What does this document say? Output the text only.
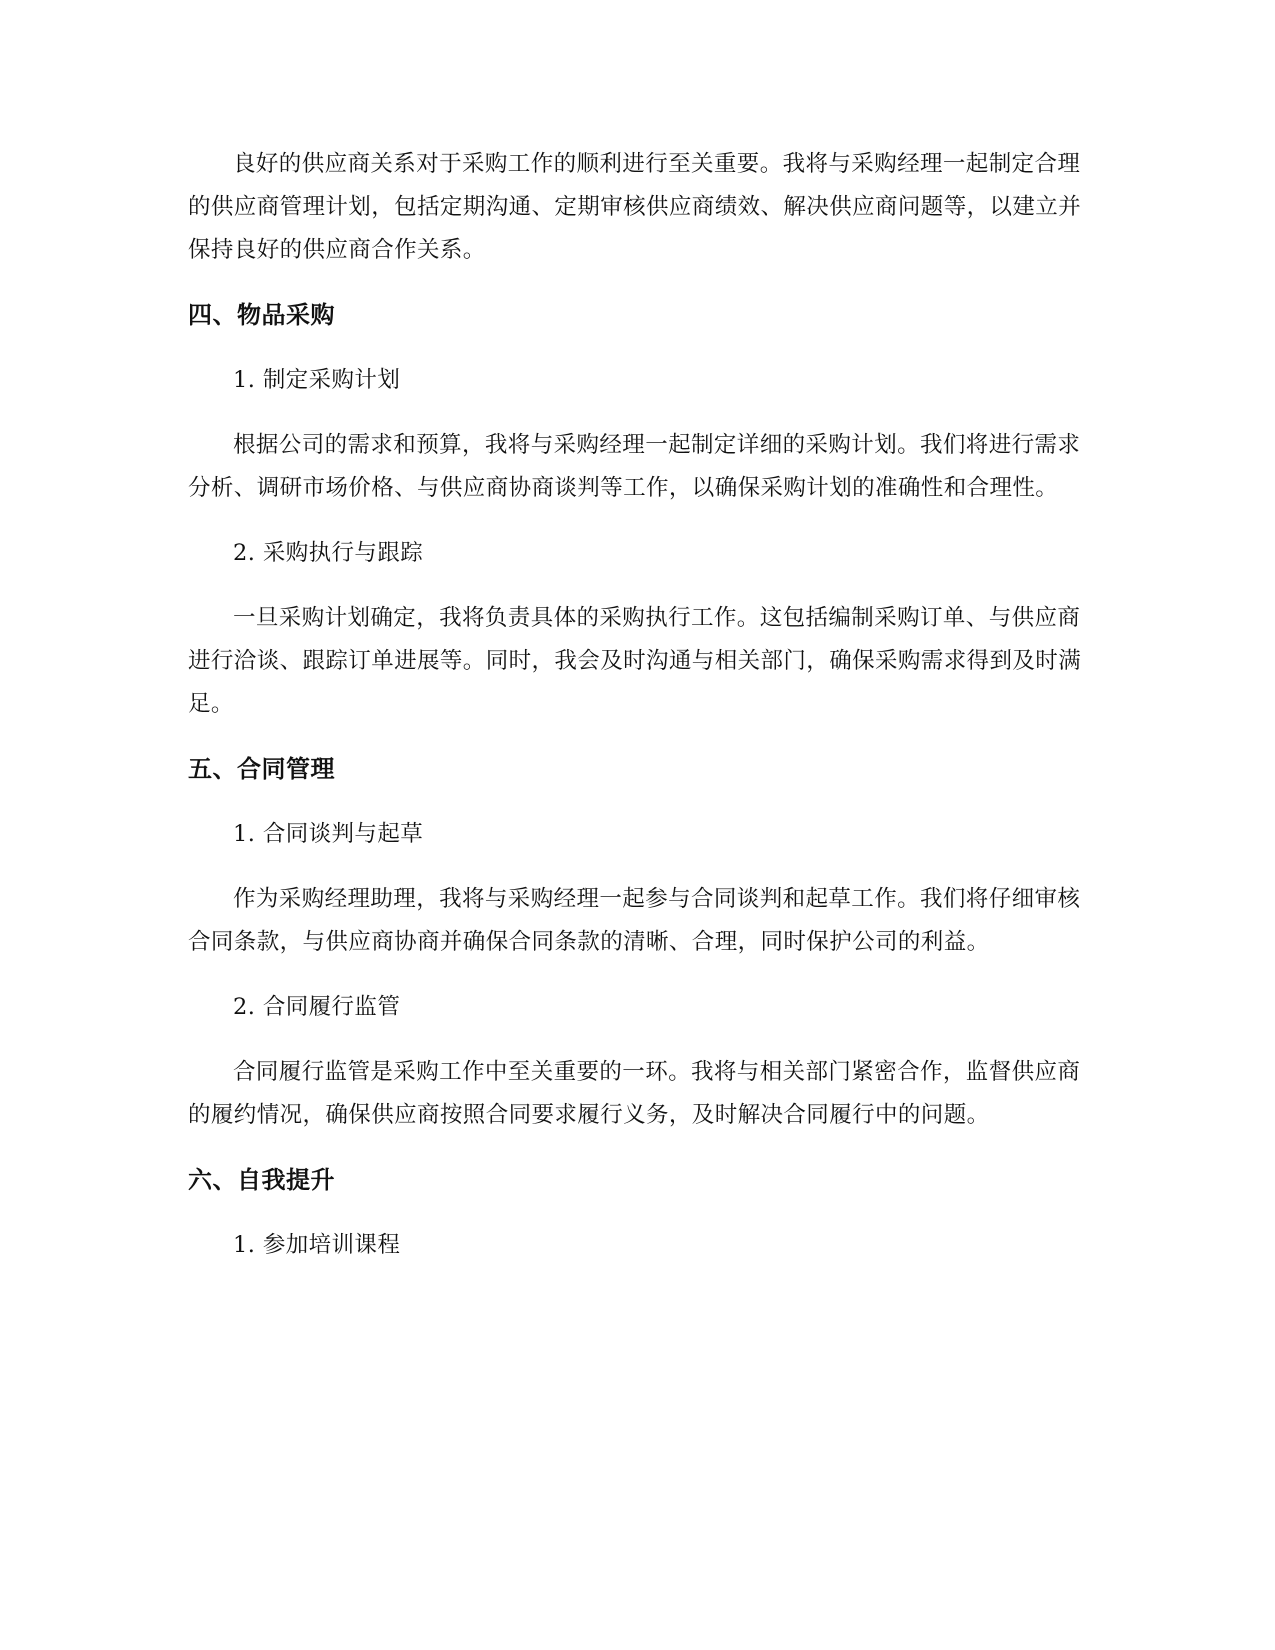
良好的供应商关系对于采购工作的顺利进行至关重要。我将与采购经理一起制定合理的供应商管理计划，包括定期沟通、定期审核供应商绩效、解决供应商问题等，以建立并保持良好的供应商合作关系。

四、物品采购

1. 制定采购计划

根据公司的需求和预算，我将与采购经理一起制定详细的采购计划。我们将进行需求分析、调研市场价格、与供应商协商谈判等工作，以确保采购计划的准确性和合理性。

2. 采购执行与跟踪

一旦采购计划确定，我将负责具体的采购执行工作。这包括编制采购订单、与供应商进行洽谈、跟踪订单进展等。同时，我会及时沟通与相关部门，确保采购需求得到及时满足。

五、合同管理

1. 合同谈判与起草

作为采购经理助理，我将与采购经理一起参与合同谈判和起草工作。我们将仔细审核合同条款，与供应商协商并确保合同条款的清晰、合理，同时保护公司的利益。

2. 合同履行监管

合同履行监管是采购工作中至关重要的一环。我将与相关部门紧密合作，监督供应商的履约情况，确保供应商按照合同要求履行义务，及时解决合同履行中的问题。

六、自我提升

1. 参加培训课程
